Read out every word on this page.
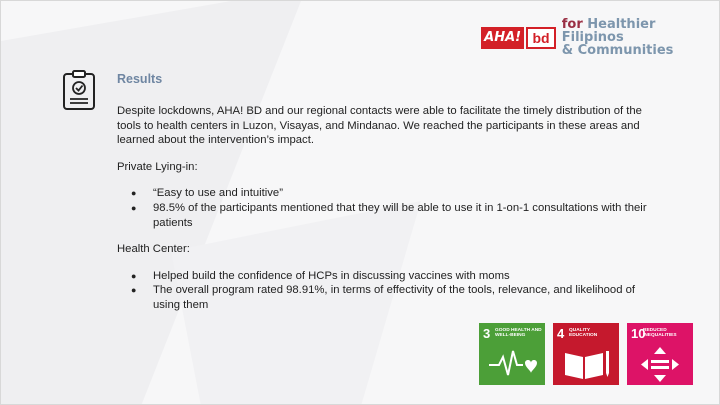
AHA! bd
for Healthier Filipinos
& Communities
Results

Despite lockdowns, AHA! BD and our regional contacts were able to facilitate the timely distribution of the tools to health centers in Luzon, Visayas, and Mindanao. We reached the participants in these areas and learned about the intervention’s impact.

Private Lying-in:

● “Easy to use and intuitive”
● 98.5% of the participants mentioned that they will be able to use it in 1-on-1 consultations with their patients

Health Center:

● Helped build the confidence of HCPs in discussing vaccines with moms
● The overall program rated 98.91%, in terms of effectivity of the tools, relevance, and likelihood of using them
3 GOOD HEALTH AND WELL-BEING	4 QUALITY EDUCATION	10
REDUCED INEQUALITIES
